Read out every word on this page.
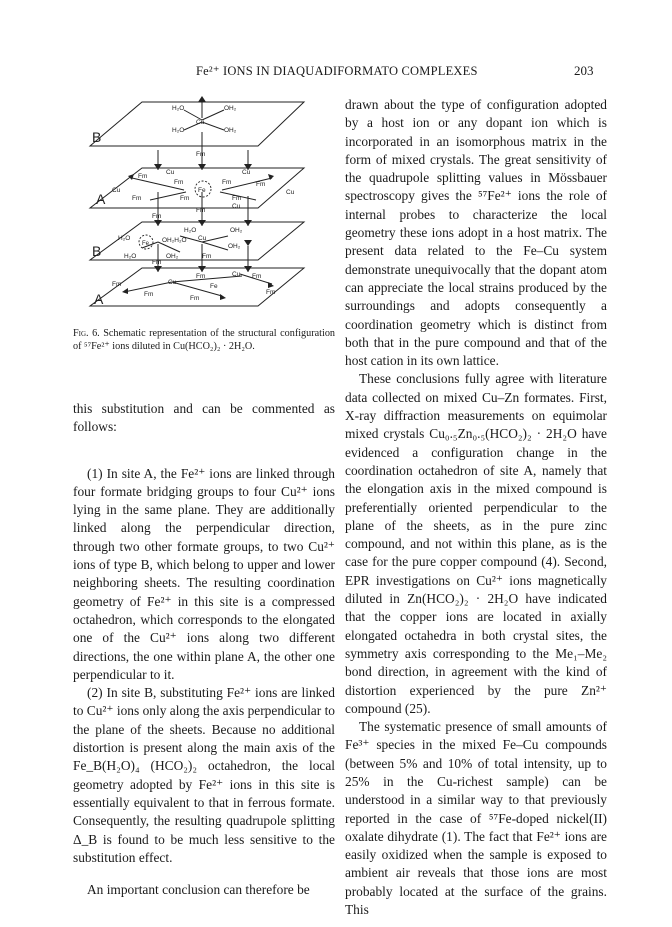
Fe²⁺ IONS IN DIAQUADIFORMATO COMPLEXES	203
B
A
B
A
H₂O	OH₂
Cu
H₂O	OH₂
Fm
Cu	Cu
Fm
Fm	Fm	Fm
Fe
Cu	Cu
Fm	Fm	Fm
Fm
Cu
Fm
H₂O	OH₂
Cu
H₂O	OH₂H₂O
Fe	OH₂
H₂O	OH₂	Fm
Fm
Fm	Cu Fm
Fm	Cu
Fe
Fm
Fm
Fm
Fig. 6. Schematic representation of the structural configuration of ⁵⁷Fe²⁺ ions diluted in Cu(HCO₂)₂ · 2H₂O.

this substitution and can be commented as follows:

(1) In site A, the Fe²⁺ ions are linked through four formate bridging groups to four Cu²⁺ ions lying in the same plane. They are additionally linked along the perpendicular direction, through two other formate groups, to two Cu²⁺ ions of type B, which belong to upper and lower neighboring sheets. The resulting coordination geometry of Fe²⁺ in this site is a compressed octahedron, which corresponds to the elongated one of the Cu²⁺ ions along two different directions, the one within plane A, the other one perpendicular to it.

(2) In site B, substituting Fe²⁺ ions are linked to Cu²⁺ ions only along the axis perpendicular to the plane of the sheets. Because no additional distortion is present along the main axis of the Fe_B(H₂O)₄ (HCO₂)₂ octahedron, the local geometry adopted by Fe²⁺ ions in this site is essentially equivalent to that in ferrous formate. Consequently, the resulting quadrupole splitting Δ_B is found to be much less sensitive to the substitution effect.

An important conclusion can therefore be

drawn about the type of configuration adopted by a host ion or any dopant ion which is incorporated in an isomorphous matrix in the form of mixed crystals. The great sensitivity of the quadrupole splitting values in Mössbauer spectroscopy gives the ⁵⁷Fe²⁺ ions the role of internal probes to characterize the local geometry these ions adopt in a host matrix. The present data related to the Fe–Cu system demonstrate unequivocally that the dopant atom can appreciate the local strains produced by the surroundings and adopts consequently a coordination geometry which is distinct from both that in the pure compound and that of the host cation in its own lattice.

These conclusions fully agree with literature data collected on mixed Cu–Zn formates. First, X-ray diffraction measurements on equimolar mixed crystals Cu₀.₅Zn₀.₅(HCO₂)₂ · 2H₂O have evidenced a configuration change in the coordination octahedron of site A, namely that the elongation axis in the mixed compound is preferentially oriented perpendicular to the plane of the sheets, as in the pure zinc compound, and not within this plane, as is the case for the pure copper compound (4). Second, EPR investigations on Cu²⁺ ions magnetically diluted in Zn(HCO₂)₂ · 2H₂O have indicated that the copper ions are located in axially elongated octahedra in both crystal sites, the symmetry axis corresponding to the Me₁–Me₂ bond direction, in agreement with the kind of distortion experienced by the pure Zn²⁺ compound (25).

The systematic presence of small amounts of Fe³⁺ species in the mixed Fe–Cu compounds (between 5% and 10% of total intensity, up to 25% in the Cu-richest sample) can be understood in a similar way to that previously reported in the case of ⁵⁷Fe-doped nickel(II) oxalate dihydrate (1). The fact that Fe²⁺ ions are easily oxidized when the sample is exposed to ambient air reveals that those ions are most probably located at the surface of the grains. This
